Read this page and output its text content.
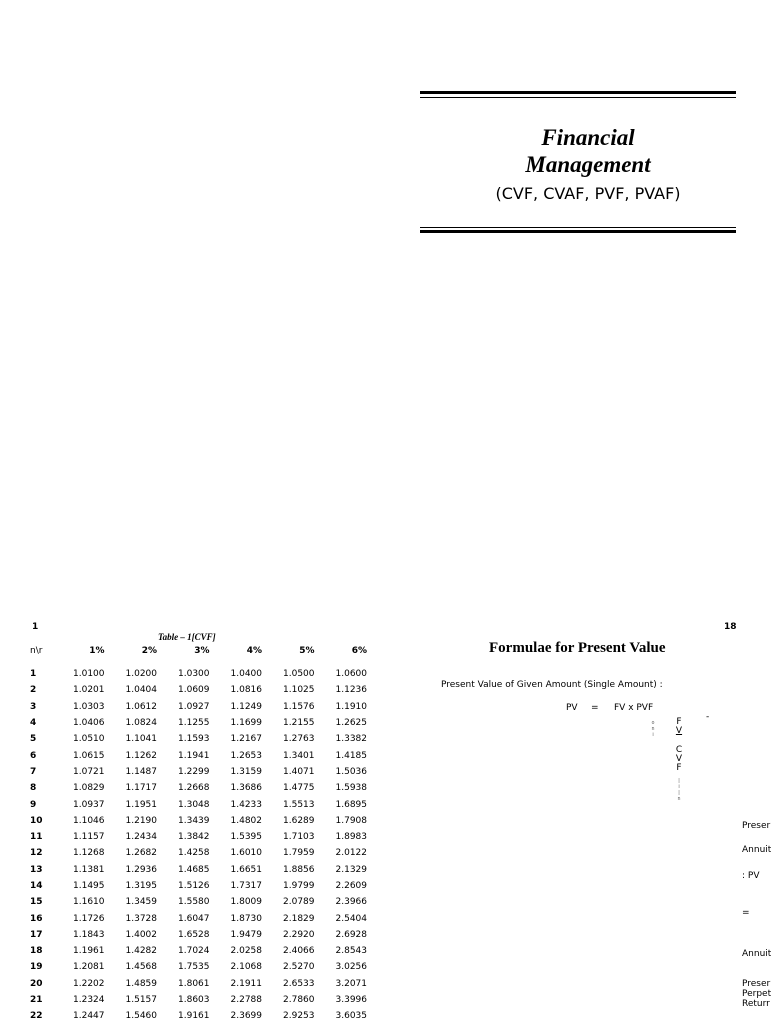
Financial
Management
(CVF, CVAF, PVF, PVAF)
1
Table – 1[CVF]
n\r	1%	2%	3%	4%	5%	6%

1	1.0100	1.0200	1.0300	1.0400	1.0500	1.0600
2	1.0201	1.0404	1.0609	1.0816	1.1025	1.1236
3	1.0303	1.0612	1.0927	1.1249	1.1576	1.1910
4	1.0406	1.0824	1.1255	1.1699	1.2155	1.2625
5	1.0510	1.1041	1.1593	1.2167	1.2763	1.3382
6	1.0615	1.1262	1.1941	1.2653	1.3401	1.4185
7	1.0721	1.1487	1.2299	1.3159	1.4071	1.5036
8	1.0829	1.1717	1.2668	1.3686	1.4775	1.5938
9	1.0937	1.1951	1.3048	1.4233	1.5513	1.6895
10	1.1046	1.2190	1.3439	1.4802	1.6289	1.7908
11	1.1157	1.2434	1.3842	1.5395	1.7103	1.8983
12	1.1268	1.2682	1.4258	1.6010	1.7959	2.0122
13	1.1381	1.2936	1.4685	1.6651	1.8856	2.1329
14	1.1495	1.3195	1.5126	1.7317	1.9799	2.2609
15	1.1610	1.3459	1.5580	1.8009	2.0789	2.3966
16	1.1726	1.3728	1.6047	1.8730	2.1829	2.5404
17	1.1843	1.4002	1.6528	1.9479	2.2920	2.6928
18	1.1961	1.4282	1.7024	2.0258	2.4066	2.8543
19	1.2081	1.4568	1.7535	2.1068	2.5270	3.0256
20	1.2202	1.4859	1.8061	2.1911	2.6533	3.2071
21	1.2324	1.5157	1.8603	2.2788	2.7860	3.3996
22	1.2447	1.5460	1.9161	2.3699	2.9253	3.6035
18
Formulae for Present Value
Present Value of Given Amount (Single Amount) :
PV = FV x PVF
-
o
n
i
F
V
C
V
F
|
i
|
n
Preser
Annuit
: PV
=
Annuit
Preser
Perpet
Returr
